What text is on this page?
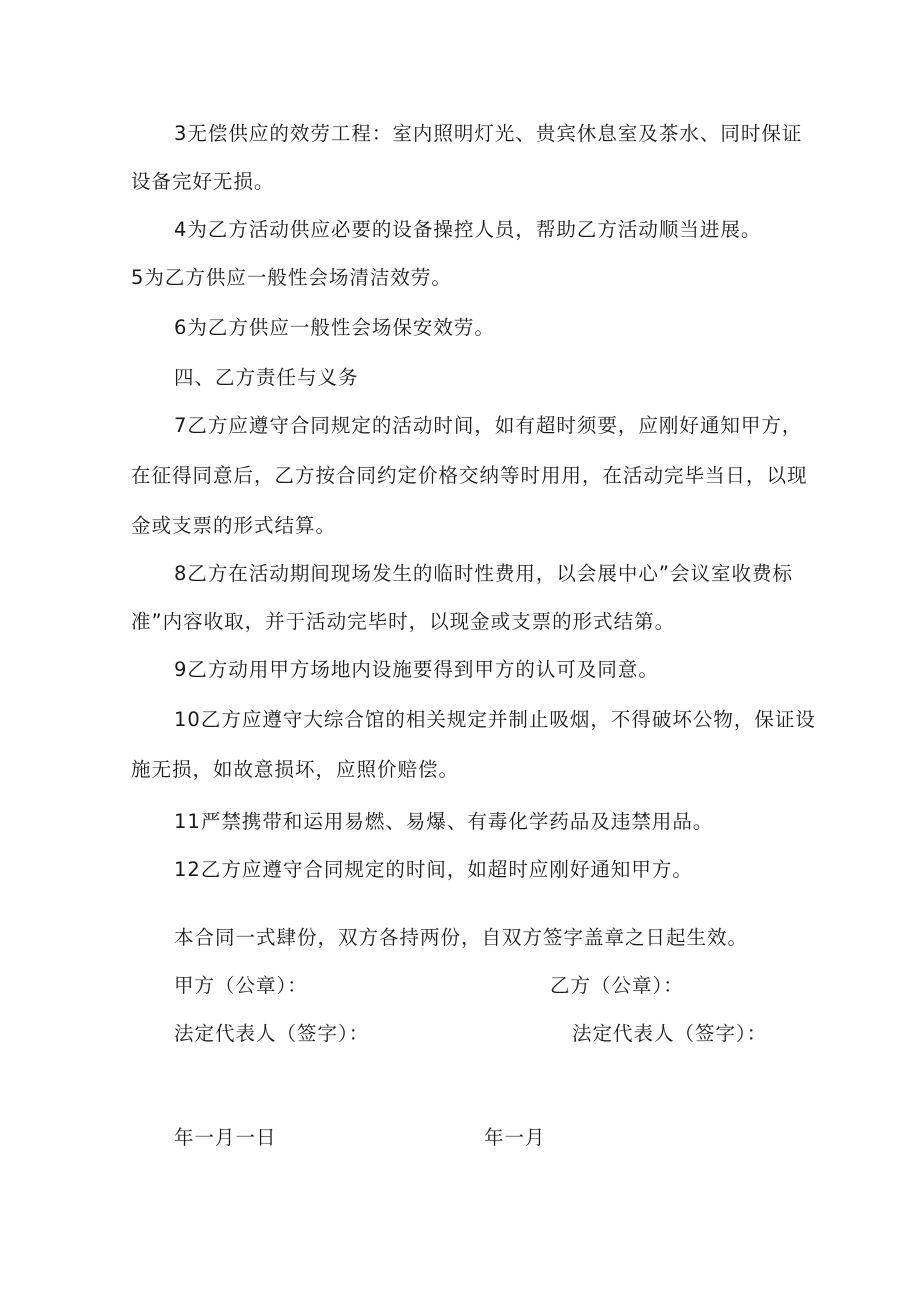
3无偿供应的效劳工程：室内照明灯光、贵宾休息室及茶水、同时保证
设备完好无损。
4为乙方活动供应必要的设备操控人员，帮助乙方活动顺当进展。
5为乙方供应一般性会场清洁效劳。
6为乙方供应一般性会场保安效劳。
四、乙方责任与义务
7乙方应遵守合同规定的活动时间，如有超时须要，应刚好通知甲方，
在征得同意后，乙方按合同约定价格交纳等时用用，在活动完毕当日，以现
金或支票的形式结算。
8乙方在活动期间现场发生的临时性费用，以会展中心”会议室收费标
准”内容收取，并于活动完毕时，以现金或支票的形式结第。
9乙方动用甲方场地内设施要得到甲方的认可及同意。
10乙方应遵守大综合馆的相关规定并制止吸烟，不得破坏公物，保证设
施无损，如故意损坏，应照价赔偿。
11严禁携带和运用易燃、易爆、有毒化学药品及违禁用品。
12乙方应遵守合同规定的时间，如超时应刚好通知甲方。
本合同一式肆份，双方各持两份，自双方签字盖章之日起生效。
甲方（公章）：	乙方（公章）：
法定代表人（签字）：	法定代表人（签字）：
年一月一日	年一月
